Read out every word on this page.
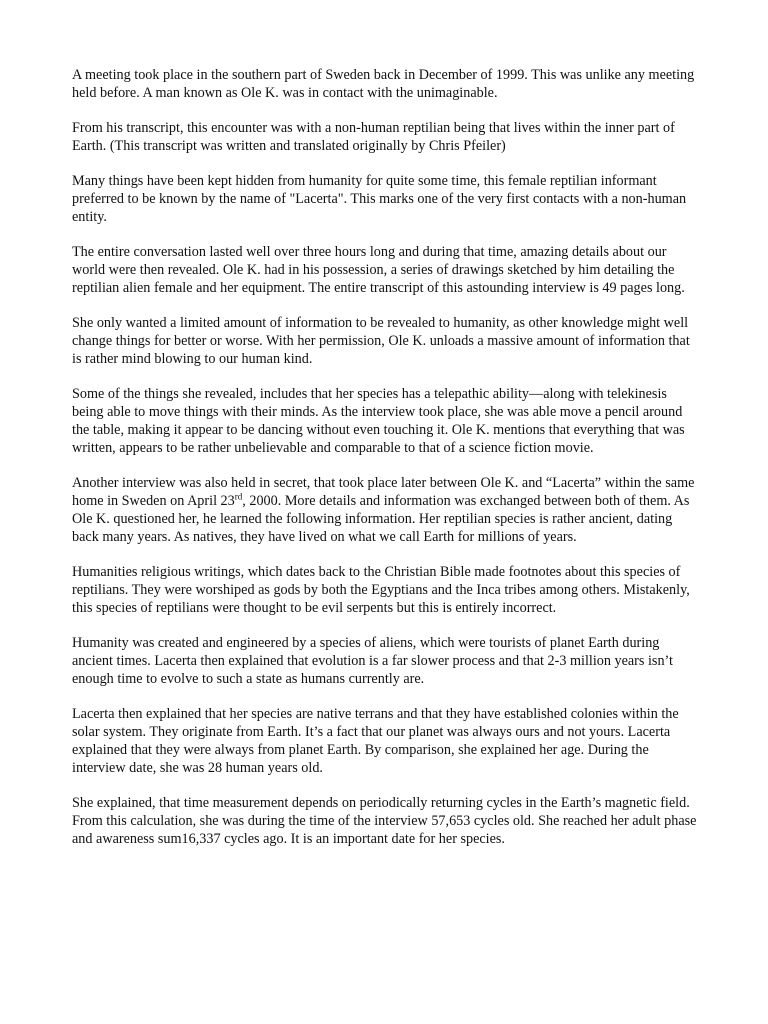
A meeting took place in the southern part of Sweden back in December of 1999. This was unlike any meeting held before. A man known as Ole K. was in contact with the unimaginable.

From his transcript, this encounter was with a non-human reptilian being that lives within the inner part of Earth. (This transcript was written and translated originally by Chris Pfeiler)

Many things have been kept hidden from humanity for quite some time, this female reptilian informant preferred to be known by the name of "Lacerta". This marks one of the very first contacts with a non-human entity.

The entire conversation lasted well over three hours long and during that time, amazing details about our world were then revealed. Ole K. had in his possession, a series of drawings sketched by him detailing the reptilian alien female and her equipment. The entire transcript of this astounding interview is 49 pages long.

She only wanted a limited amount of information to be revealed to humanity, as other knowledge might well change things for better or worse. With her permission, Ole K. unloads a massive amount of information that is rather mind blowing to our human kind.

Some of the things she revealed, includes that her species has a telepathic ability—along with telekinesis being able to move things with their minds. As the interview took place, she was able move a pencil around the table, making it appear to be dancing without even touching it. Ole K. mentions that everything that was written, appears to be rather unbelievable and comparable to that of a science fiction movie.

Another interview was also held in secret, that took place later between Ole K. and “Lacerta” within the same home in Sweden on April 23rd, 2000. More details and information was exchanged between both of them. As Ole K. questioned her, he learned the following information. Her reptilian species is rather ancient, dating back many years. As natives, they have lived on what we call Earth for millions of years.

Humanities religious writings, which dates back to the Christian Bible made footnotes about this species of reptilians. They were worshiped as gods by both the Egyptians and the Inca tribes among others. Mistakenly, this species of reptilians were thought to be evil serpents but this is entirely incorrect.

Humanity was created and engineered by a species of aliens, which were tourists of planet Earth during ancient times. Lacerta then explained that evolution is a far slower process and that 2-3 million years isn’t enough time to evolve to such a state as humans currently are.

Lacerta then explained that her species are native terrans and that they have established colonies within the solar system. They originate from Earth. It’s a fact that our planet was always ours and not yours. Lacerta explained that they were always from planet Earth. By comparison, she explained her age. During the interview date, she was 28 human years old.

She explained, that time measurement depends on periodically returning cycles in the Earth’s magnetic field. From this calculation, she was during the time of the interview 57,653 cycles old. She reached her adult phase and awareness sum16,337 cycles ago. It is an important date for her species.
